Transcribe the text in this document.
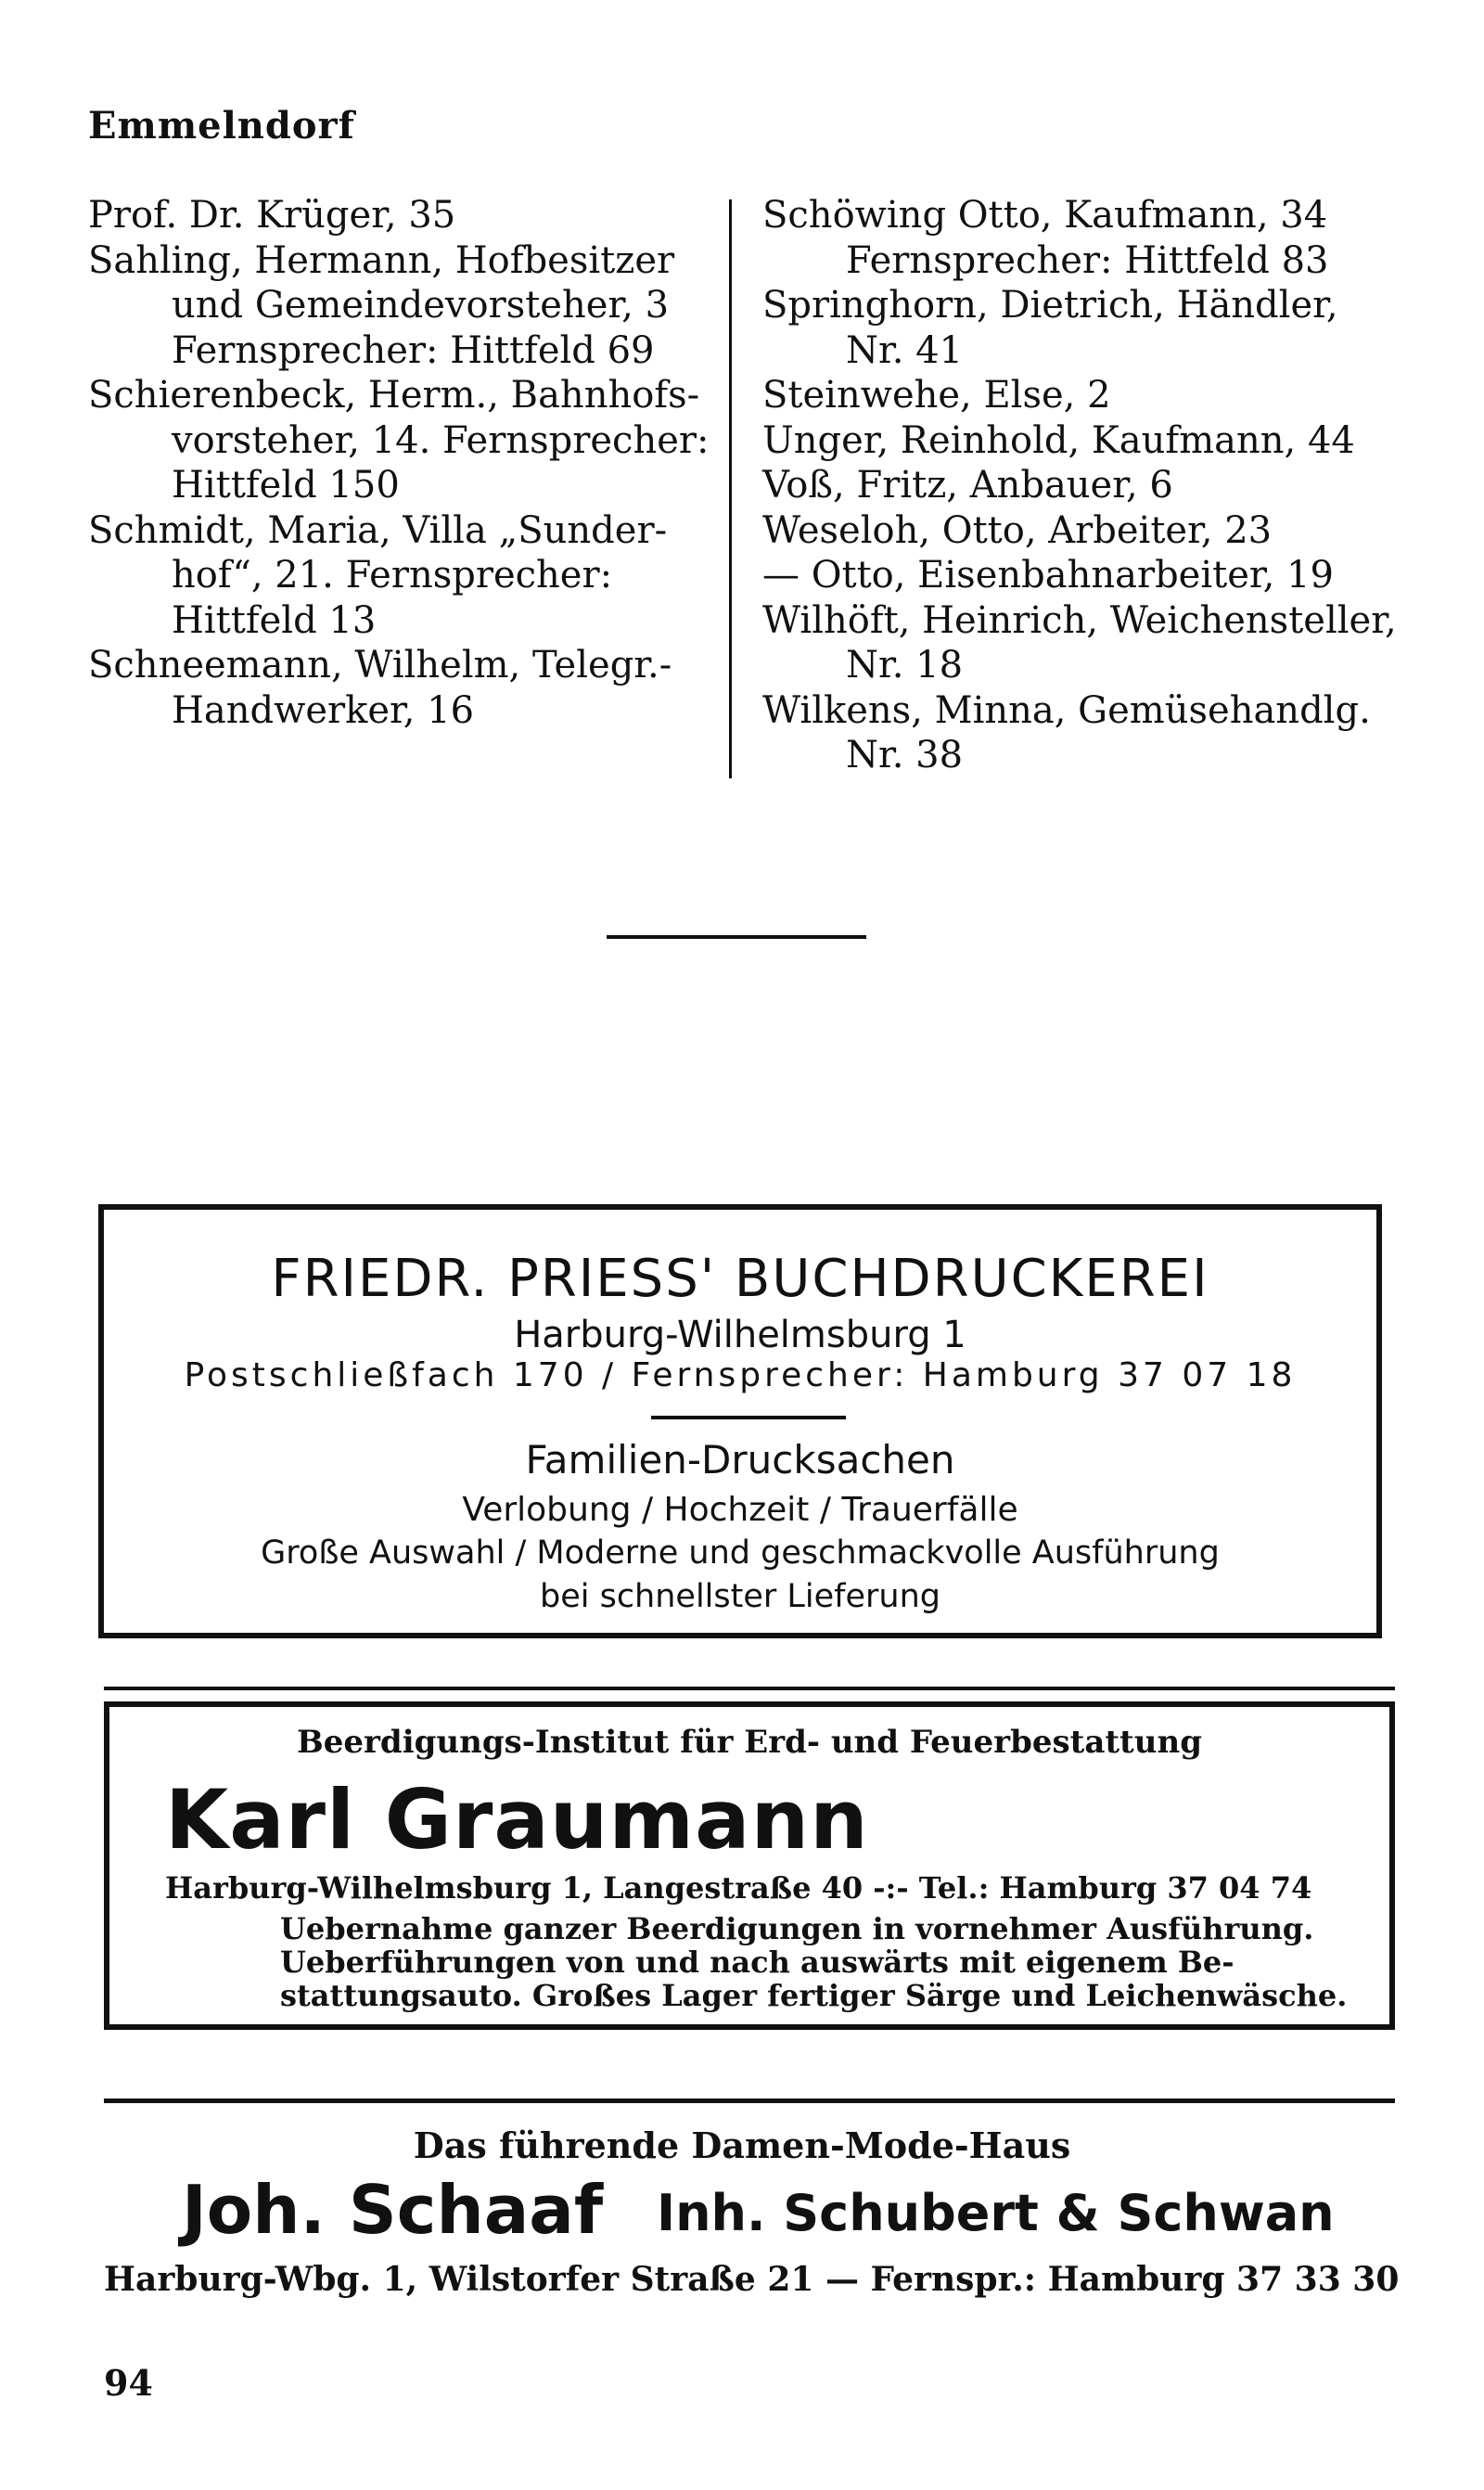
Emmelndorf
Prof. Dr. Krüger, 35
Sahling, Hermann, Hofbesitzer
und Gemeindevorsteher, 3
Fernsprecher: Hittfeld 69
Schierenbeck, Herm., Bahnhofs-
vorsteher, 14. Fernsprecher:
Hittfeld 150
Schmidt, Maria, Villa „Sunder-
hof“, 21. Fernsprecher:
Hittfeld 13
Schneemann, Wilhelm, Telegr.-
Handwerker, 16
Schöwing Otto, Kaufmann, 34
Fernsprecher: Hittfeld 83
Springhorn, Dietrich, Händler,
Nr. 41
Steinwehe, Else, 2
Unger, Reinhold, Kaufmann, 44
Voß, Fritz, Anbauer, 6
Weseloh, Otto, Arbeiter, 23
— Otto, Eisenbahnarbeiter, 19
Wilhöft, Heinrich, Weichensteller,
Nr. 18
Wilkens, Minna, Gemüsehandlg.
Nr. 38
FRIEDR. PRIESS' BUCHDRUCKEREI
Harburg-Wilhelmsburg 1
Postschließfach 170 / Fernsprecher: Hamburg 37 07 18
Familien-Drucksachen
Verlobung / Hochzeit / Trauerfälle
Große Auswahl / Moderne und geschmackvolle Ausführung
bei schnellster Lieferung
Beerdigungs-Institut für Erd- und Feuerbestattung
Karl Graumann
Harburg-Wilhelmsburg 1, Langestraße 40 -:- Tel.: Hamburg 37 04 74
Uebernahme ganzer Beerdigungen in vornehmer Ausführung.
Ueberführungen von und nach auswärts mit eigenem Be-
stattungsauto. Großes Lager fertiger Särge und Leichenwäsche.
Das führende Damen-Mode-Haus
Joh. Schaaf Inh. Schubert & Schwan
Harburg-Wbg. 1, Wilstorfer Straße 21 — Fernspr.: Hamburg 37 33 30
94
